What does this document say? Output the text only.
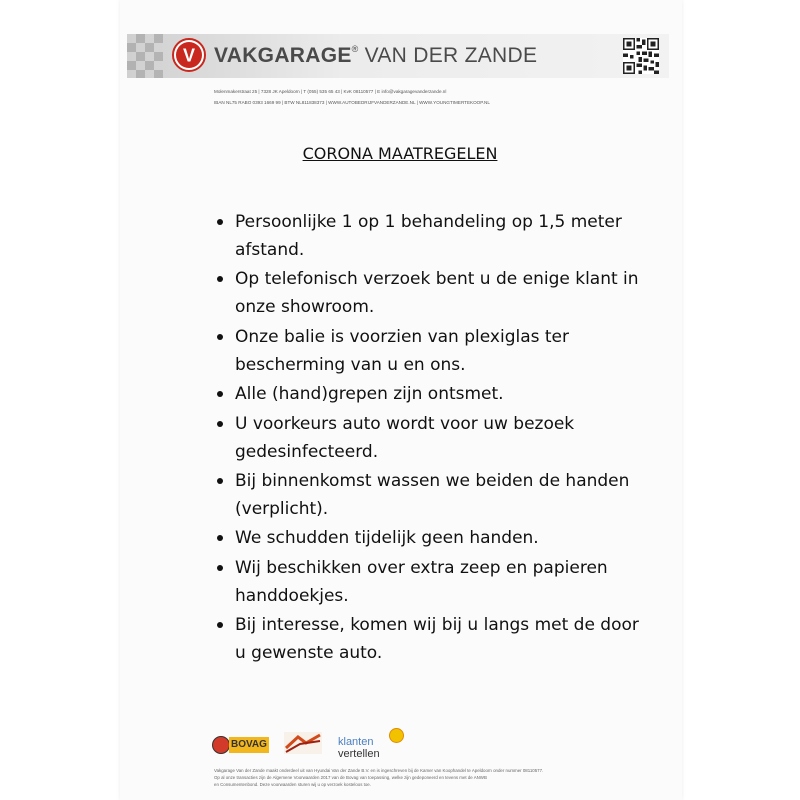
V VAKGARAGE® VAN DER ZANDE
Molenmakerstraat 25 | 7328 JK Apeldoorn | T (055) 535 65 43 | KvK 08110577 | E info@vakgaragevanderzande.nl
IBAN NL75 RABO 0393 1669 99 | BTW NL811838373 | WWW.AUTOBEDRIJFVANDERZANDE.NL | WWW.YOUNGTIMERTEKOOP.NL
CORONA MAATREGELEN
Persoonlijke 1 op 1 behandeling op 1,5 meter afstand.
Op telefonisch verzoek bent u de enige klant in onze showroom.
Onze balie is voorzien van plexiglas ter bescherming van u en ons.
Alle (hand)grepen zijn ontsmet.
U voorkeurs auto wordt voor uw bezoek gedesinfecteerd.
Bij binnenkomst wassen we beiden de handen (verplicht).
We schudden tijdelijk geen handen.
Wij beschikken over extra zeep en papieren handdoekjes.
Bij interesse, komen wij bij u langs met de door u gewenste auto.
BOVAG	klanten
vertellen
Vakgarage Van der Zande maakt onderdeel uit van Hyundai Van der Zande B.V. en is ingeschreven bij de Kamer van Koophandel te Apeldoorn onder nummer 08110577.
Op al onze transacties zijn de Algemene Voorwaarden 2017 van de Bovag van toepassing, welke zijn gedeponeerd en tevens met de ANWB
en Consumentenbond. Deze voorwaarden sturen wij u op verzoek kosteloos toe.
